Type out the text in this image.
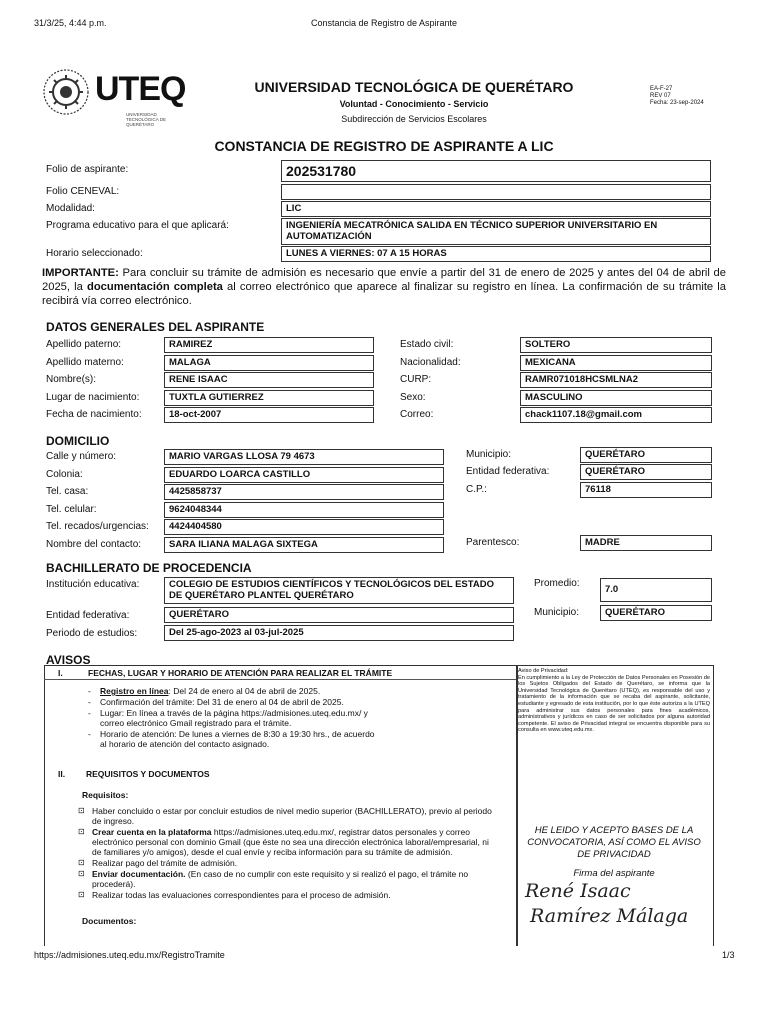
31/3/25, 4:44 p.m.	Constancia de Registro de Aspirante
UTEQ
UNIVERSIDAD TECNOLÓGICA DE QUERÉTARO
UNIVERSIDAD TECNOLÓGICA DE QUERÉTARO
Voluntad - Conocimiento - Servicio
Subdirección de Servicios Escolares
EA-F-27
REV 07
Fecha: 23-sep-2024
CONSTANCIA DE REGISTRO DE ASPIRANTE A LIC
Folio de aspirante:	202531780
Folio CENEVAL:
Modalidad:	LIC
Programa educativo para el que aplicará:	INGENIERÍA MECATRÓNICA SALIDA EN TÉCNICO SUPERIOR UNIVERSITARIO EN AUTOMATIZACIÓN
Horario seleccionado:	LUNES A VIERNES: 07 A 15 HORAS
IMPORTANTE: Para concluir su trámite de admisión es necesario que envíe a partir del 31 de enero de 2025 y antes del 04 de abril de 2025, la documentación completa al correo electrónico que aparece al finalizar su registro en línea. La confirmación de su trámite la recibirá vía correo electrónico.
DATOS GENERALES DEL ASPIRANTE
Apellido paterno:	RAMIREZ
Apellido materno:	MALAGA
Nombre(s):	RENE ISAAC
Lugar de nacimiento:	TUXTLA GUTIERREZ
Fecha de nacimiento:	18-oct-2007
Estado civil:	SOLTERO
Nacionalidad:	MEXICANA
CURP:	RAMR071018HCSMLNA2
Sexo:	MASCULINO
Correo:	chack1107.18@gmail.com
DOMICILIO
Calle y número:	MARIO VARGAS LLOSA 79 4673
Colonia:	EDUARDO LOARCA CASTILLO
Tel. casa:	4425858737
Tel. celular:	9624048344
Tel. recados/urgencias:	4424404580
Nombre del contacto:	SARA ILIANA MALAGA SIXTEGA
Municipio:	QUERÉTARO
Entidad federativa:	QUERÉTARO
C.P.:	76118
Parentesco:	MADRE
BACHILLERATO DE PROCEDENCIA
Institución educativa:	COLEGIO DE ESTUDIOS CIENTÍFICOS Y TECNOLÓGICOS DEL ESTADO DE QUERÉTARO PLANTEL QUERÉTARO
Entidad federativa:	QUERÉTARO
Periodo de estudios:	Del 25-ago-2023 al 03-jul-2025
Promedio:
7.0
Municipio:	QUERÉTARO
AVISOS
I.	FECHAS, LUGAR Y HORARIO DE ATENCIÓN PARA REALIZAR EL TRÁMITE
- Registro en línea: Del 24 de enero al 04 de abril de 2025.
- Confirmación del trámite: Del 31 de enero al 04 de abril de 2025.
- Lugar: En línea a través de la página https://admisiones.uteq.edu.mx/ y correo electrónico Gmail registrado para el trámite.
- Horario de atención: De lunes a viernes de 8:30 a 19:30 hrs., de acuerdo al horario de atención del contacto asignado.
II. REQUISITOS Y DOCUMENTOS
Requisitos:
⊡ Haber concluido o estar por concluir estudios de nivel medio superior (BACHILLERATO), previo al periodo de ingreso.
⊡ Crear cuenta en la plataforma https://admisiones.uteq.edu.mx/, registrar datos personales y correo electrónico personal con dominio Gmail (que éste no sea una dirección electrónica laboral/empresarial, ni de familiares y/o amigos), desde el cual envíe y reciba información para su trámite de admisión.
⊡ Realizar pago del trámite de admisión.
⊡ Enviar documentación. (En caso de no cumplir con este requisito y si realizó el pago, el trámite no procederá).
⊡ Realizar todas las evaluaciones correspondientes para el proceso de admisión.
Documentos:
Aviso de Privacidad:
En cumplimiento a la Ley de Protección de Datos Personales en Posesión de los Sujetos Obligados del Estado de Querétaro, se informa que la Universidad Tecnológica de Querétaro (UTEQ), es responsable del uso y tratamiento de la información que se recaba del aspirante, solicitante, estudiante y egresado de esta institución, por lo que éste autoriza a la UTEQ para administrar sus datos personales para fines académicos, administrativos y jurídicos en caso de ser solicitados por alguna autoridad competente. El aviso de Privacidad integral se encuentra disponible para su consulta en www.uteq.edu.mx.
HE LEIDO Y ACEPTO BASES DE LA CONVOCATORIA, ASÍ COMO EL AVISO DE PRIVACIDAD
Firma del aspirante
René Isaac
Ramírez Málaga
https://admisiones.uteq.edu.mx/RegistroTramite	1/3
